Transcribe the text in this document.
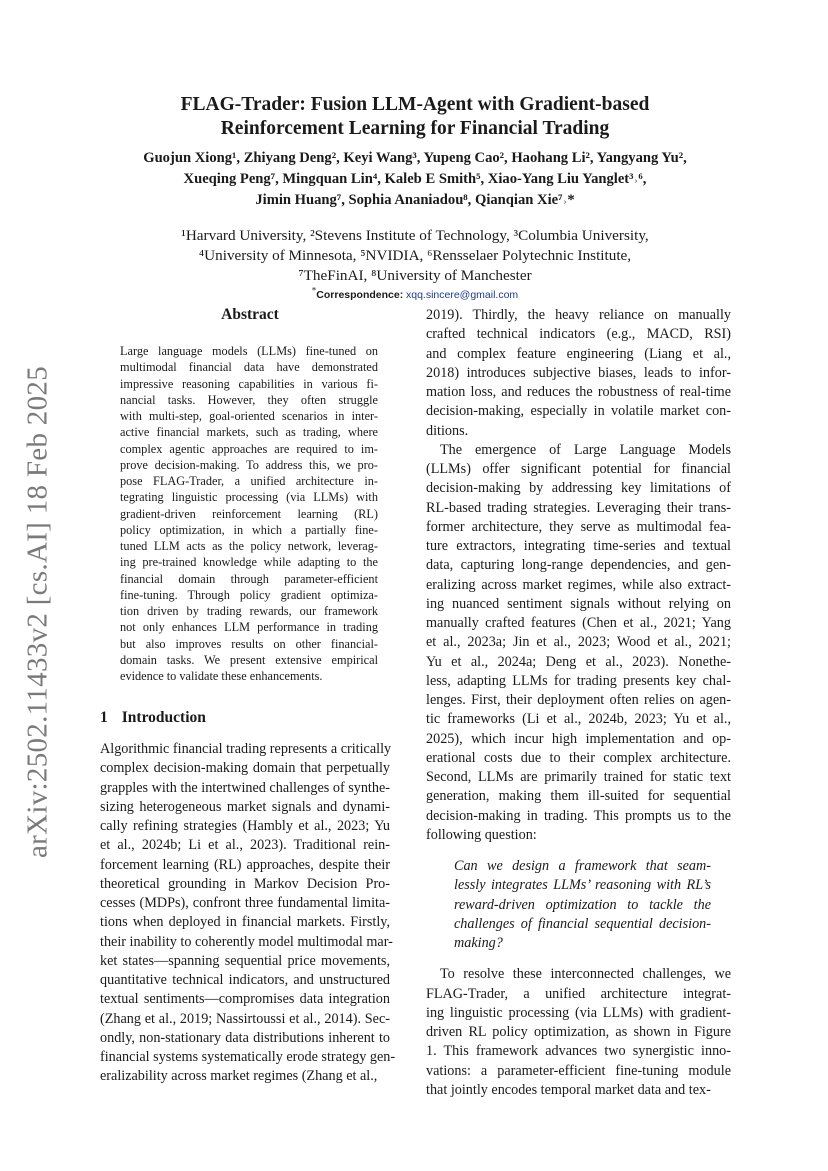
arXiv:2502.11433v2 [cs.AI] 18 Feb 2025
FLAG-Trader: Fusion LLM-Agent with Gradient-based
Reinforcement Learning for Financial Trading
Guojun Xiong¹, Zhiyang Deng², Keyi Wang³, Yupeng Cao², Haohang Li², Yangyang Yu²,
Xueqing Peng⁷, Mingquan Lin⁴, Kaleb E Smith⁵, Xiao-Yang Liu Yanglet³˒⁶,
Jimin Huang⁷, Sophia Ananiadou⁸, Qianqian Xie⁷˒*
¹Harvard University, ²Stevens Institute of Technology, ³Columbia University,
⁴University of Minnesota, ⁵NVIDIA, ⁶Rensselaer Polytechnic Institute,
⁷TheFinAI, ⁸University of Manchester
*Correspondence: xqq.sincere@gmail.com
Abstract
Large language models (LLMs) fine-tuned on
multimodal financial data have demonstrated
impressive reasoning capabilities in various fi-
nancial tasks. However, they often struggle
with multi-step, goal-oriented scenarios in inter-
active financial markets, such as trading, where
complex agentic approaches are required to im-
prove decision-making. To address this, we pro-
pose FLAG-Trader, a unified architecture in-
tegrating linguistic processing (via LLMs) with
gradient-driven reinforcement learning (RL)
policy optimization, in which a partially fine-
tuned LLM acts as the policy network, leverag-
ing pre-trained knowledge while adapting to the
financial domain through parameter-efficient
fine-tuning. Through policy gradient optimiza-
tion driven by trading rewards, our framework
not only enhances LLM performance in trading
but also improves results on other financial-
domain tasks. We present extensive empirical
evidence to validate these enhancements.
1 Introduction
Algorithmic financial trading represents a critically
complex decision-making domain that perpetually
grapples with the intertwined challenges of synthe-
sizing heterogeneous market signals and dynami-
cally refining strategies (Hambly et al., 2023; Yu
et al., 2024b; Li et al., 2023). Traditional rein-
forcement learning (RL) approaches, despite their
theoretical grounding in Markov Decision Pro-
cesses (MDPs), confront three fundamental limita-
tions when deployed in financial markets. Firstly,
their inability to coherently model multimodal mar-
ket states—spanning sequential price movements,
quantitative technical indicators, and unstructured
textual sentiments—compromises data integration
(Zhang et al., 2019; Nassirtoussi et al., 2014). Sec-
ondly, non-stationary data distributions inherent to
financial systems systematically erode strategy gen-
eralizability across market regimes (Zhang et al.,
2019). Thirdly, the heavy reliance on manually
crafted technical indicators (e.g., MACD, RSI)
and complex feature engineering (Liang et al.,
2018) introduces subjective biases, leads to infor-
mation loss, and reduces the robustness of real-time
decision-making, especially in volatile market con-
ditions.
The emergence of Large Language Models
(LLMs) offer significant potential for financial
decision-making by addressing key limitations of
RL-based trading strategies. Leveraging their trans-
former architecture, they serve as multimodal fea-
ture extractors, integrating time-series and textual
data, capturing long-range dependencies, and gen-
eralizing across market regimes, while also extract-
ing nuanced sentiment signals without relying on
manually crafted features (Chen et al., 2021; Yang
et al., 2023a; Jin et al., 2023; Wood et al., 2021;
Yu et al., 2024a; Deng et al., 2023). Nonethe-
less, adapting LLMs for trading presents key chal-
lenges. First, their deployment often relies on agen-
tic frameworks (Li et al., 2024b, 2023; Yu et al.,
2025), which incur high implementation and op-
erational costs due to their complex architecture.
Second, LLMs are primarily trained for static text
generation, making them ill-suited for sequential
decision-making in trading. This prompts us to the
following question:
Can we design a framework that seam-
lessly integrates LLMs’ reasoning with RL’s
reward-driven optimization to tackle the
challenges of financial sequential decision-
making?
To resolve these interconnected challenges, we
FLAG-Trader, a unified architecture integrat-
ing linguistic processing (via LLMs) with gradient-
driven RL policy optimization, as shown in Figure
1. This framework advances two synergistic inno-
vations: a parameter-efficient fine-tuning module
that jointly encodes temporal market data and tex-
